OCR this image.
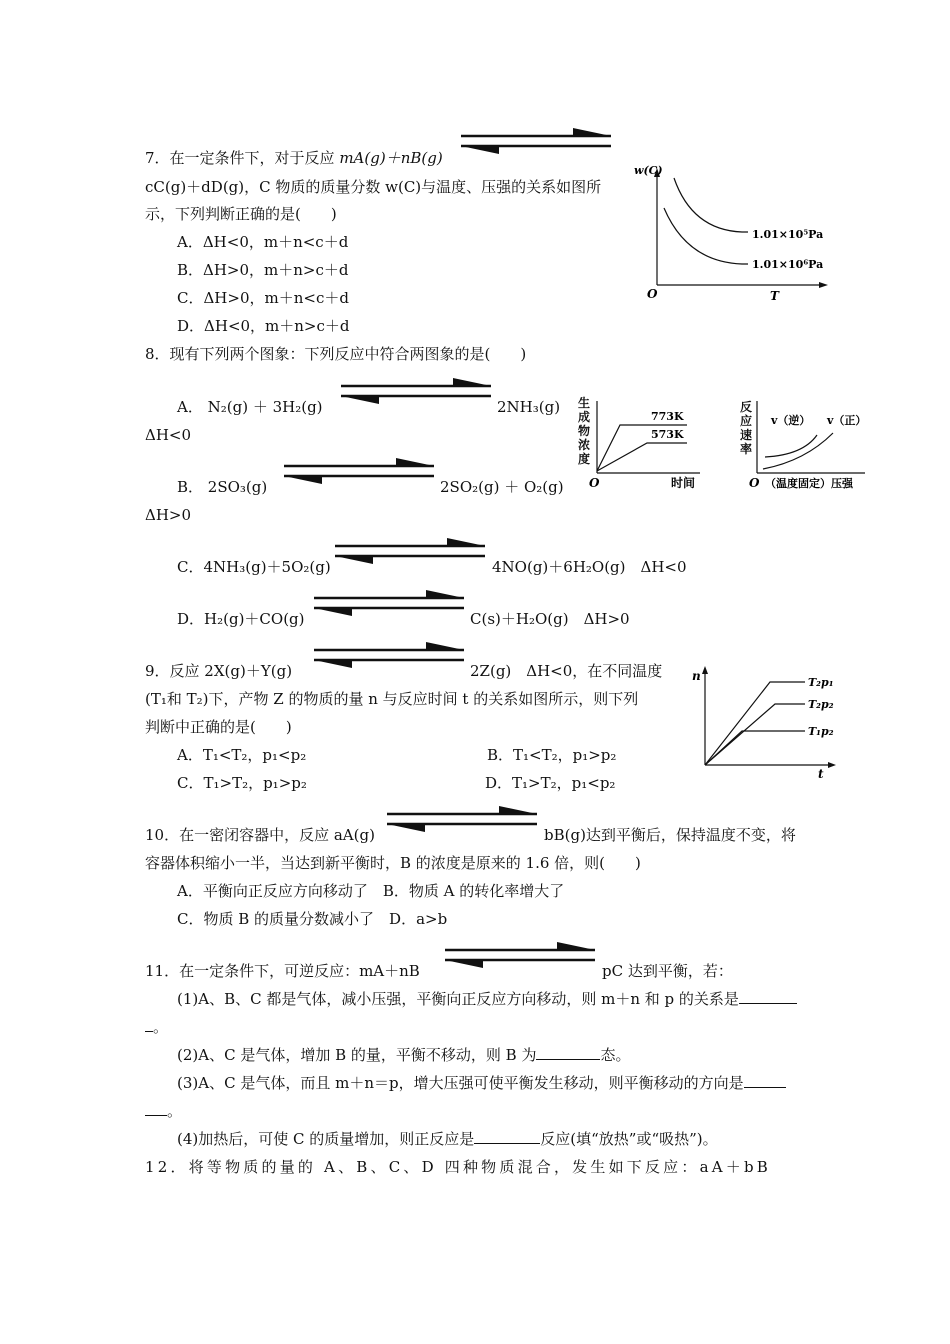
7．在一定条件下，对于反应 mA(g)＋nB(g)
cC(g)＋dD(g)，C 物质的质量分数 w(C)与温度、压强的关系如图所
示，下列判断正确的是(　　)
A．ΔH<0，m＋n<c＋d
B．ΔH>0，m＋n>c＋d
C．ΔH>0，m＋n<c＋d
D．ΔH<0，m＋n>c＋d
w(C)
O	T
1.01×10⁵Pa
1.01×10⁶Pa
8．现有下列两个图象：下列反应中符合两图象的是(　　)
A． N₂(g) ＋ 3H₂(g)	2NH₃(g)
ΔH<0
B． 2SO₃(g)	2SO₂(g) ＋ O₂(g)
ΔH>0
C．4NH₃(g)＋5O₂(g)	4NO(g)＋6H₂O(g)　ΔH<0
D．H₂(g)＋CO(g)	C(s)＋H₂O(g)　ΔH>0
773K
573K
O	时间
生成物浓度
v（逆） v（正）
O （温度固定）压强
反应速率
9．反应 2X(g)＋Y(g)	2Z(g)　ΔH<0，在不同温度
(T₁和 T₂)下，产物 Z 的物质的量 n 与反应时间 t 的关系如图所示，则下列
判断中正确的是(　　)
A．T₁<T₂，p₁<p₂	B．T₁<T₂，p₁>p₂
C．T₁>T₂，p₁>p₂	D．T₁>T₂，p₁<p₂
n
t
T₂p₁
T₂p₂
T₁p₂
10．在一密闭容器中，反应 aA(g)	bB(g)达到平衡后，保持温度不变，将
容器体积缩小一半，当达到新平衡时，B 的浓度是原来的 1.6 倍，则(　　)
A．平衡向正反应方向移动了　B．物质 A 的转化率增大了
C．物质 B 的质量分数减小了　D．a>b
11．在一定条件下，可逆反应：mA＋nB	pC 达到平衡，若：
(1)A、B、C 都是气体，减小压强，平衡向正反应方向移动，则 m＋n 和 p 的关系是
。
(2)A、C 是气体，增加 B 的量，平衡不移动，则 B 为	态。
(3)A、C 是气体，而且 m＋n＝p，增大压强可使平衡发生移动，则平衡移动的方向是
。
(4)加热后，可使 C 的质量增加，则正反应是	反应(填“放热”或“吸热”)。
12．将等物质的量的 A、B、C、D 四种物质混合，发生如下反应：aA＋bB
